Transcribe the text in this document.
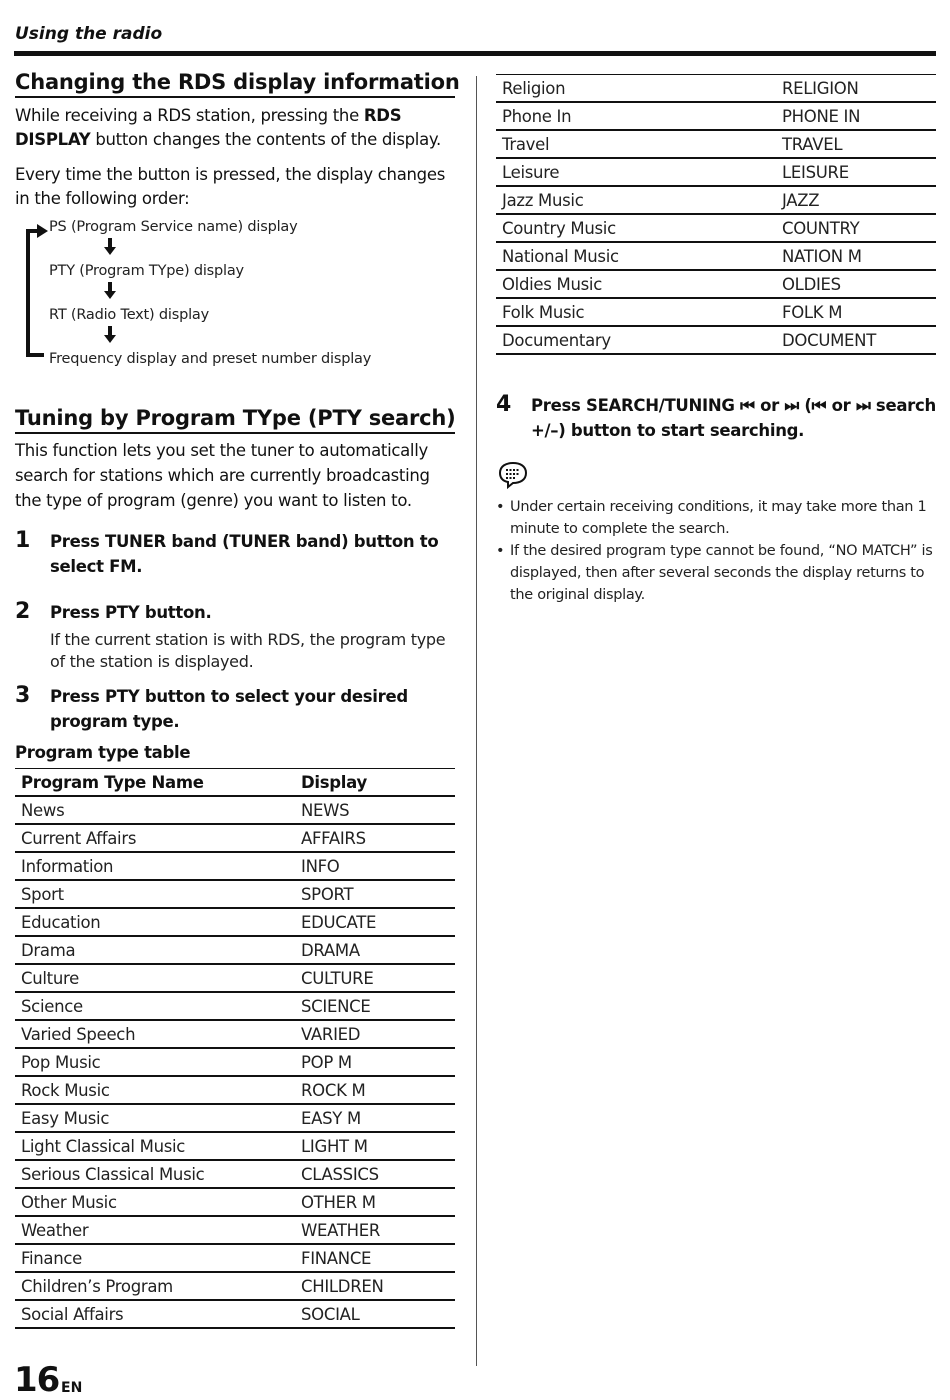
Using the radio
Changing the RDS display information

While receiving a RDS station, pressing the RDS DISPLAY button changes the contents of the display.

Every time the button is pressed, the display changes in the following order:

PS (Program Service name) display
PTY (Program TYpe) display
RT (Radio Text) display
Frequency display and preset number display
Tuning by Program TYpe (PTY search)

This function lets you set the tuner to automatically search for stations which are currently broadcasting the type of program (genre) you want to listen to.

1	Press TUNER band (TUNER band) button to select FM.
2	Press PTY button.
If the current station is with RDS, the program type of the station is displayed.
3	Press PTY button to select your desired program type.

Program type table

Program Type Name	Display
News	NEWS
Current Affairs	AFFAIRS
Information	INFO
Sport	SPORT
Education	EDUCATE
Drama	DRAMA
Culture	CULTURE
Science	SCIENCE
Varied Speech	VARIED
Pop Music	POP M
Rock Music	ROCK M
Easy Music	EASY M
Light Classical Music	LIGHT M
Serious Classical Music	CLASSICS
Other Music	OTHER M
Weather	WEATHER
Finance	FINANCE
Children’s Program	CHILDREN
Social Affairs	SOCIAL
Religion	RELIGION
Phone In	PHONE IN
Travel	TRAVEL
Leisure	LEISURE
Jazz Music	JAZZ
Country Music	COUNTRY
National Music	NATION M
Oldies Music	OLDIES
Folk Music	FOLK M
Documentary	DOCUMENT
4	Press SEARCH/TUNING ⏮ or ⏭ (⏮ or ⏭ search +/–) button to start searching.
• Under certain receiving conditions, it may take more than 1 minute to complete the search.
• If the desired program type cannot be found, “NO MATCH” is displayed, then after several seconds the display returns to the original display.
16 EN
